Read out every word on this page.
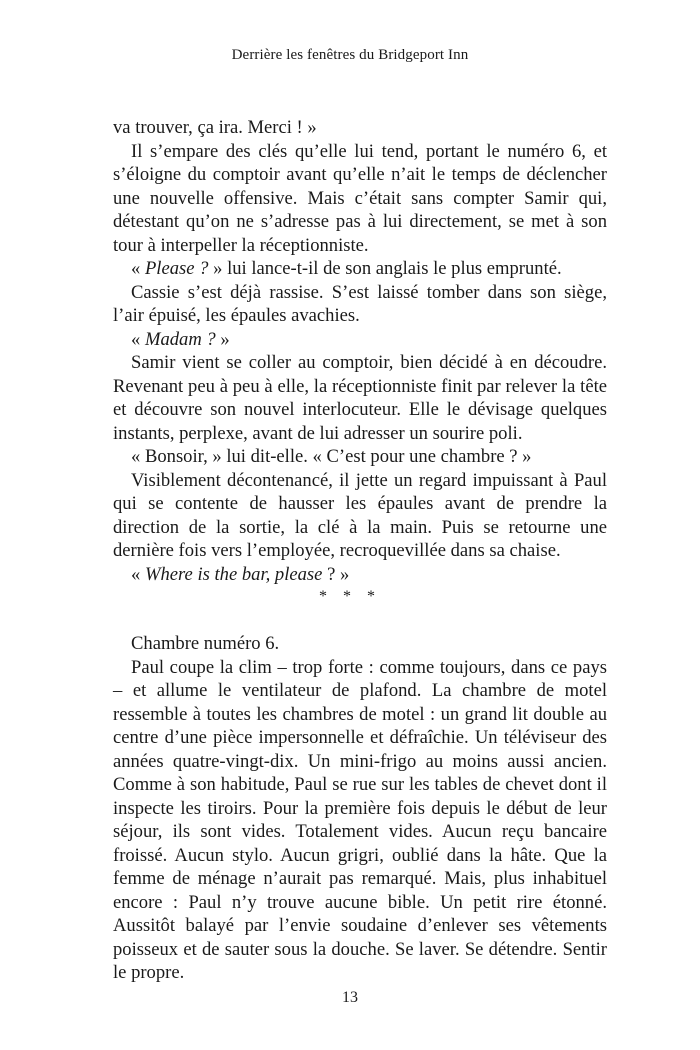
Derrière les fenêtres du Bridgeport Inn

va trouver, ça ira. Merci ! »

Il s’empare des clés qu’elle lui tend, portant le numéro 6, et s’éloigne du comptoir avant qu’elle n’ait le temps de déclencher une nouvelle offensive. Mais c’était sans compter Samir qui, détestant qu’on ne s’adresse pas à lui directement, se met à son tour à interpeller la réceptionniste.

« Please ? » lui lance-t-il de son anglais le plus emprunté.

Cassie s’est déjà rassise. S’est laissé tomber dans son siège, l’air épuisé, les épaules avachies.

« Madam ? »

Samir vient se coller au comptoir, bien décidé à en découdre. Revenant peu à peu à elle, la réceptionniste finit par relever la tête et découvre son nouvel interlocuteur. Elle le dévisage quelques instants, perplexe, avant de lui adresser un sourire poli.

« Bonsoir, » lui dit-elle. « C’est pour une chambre ? »

Visiblement décontenancé, il jette un regard impuissant à Paul qui se contente de hausser les épaules avant de prendre la direction de la sortie, la clé à la main. Puis se retourne une dernière fois vers l’employée, recroquevillée dans sa chaise.

« Where is the bar, please ? »

* * *

Chambre numéro 6.

Paul coupe la clim – trop forte : comme toujours, dans ce pays – et allume le ventilateur de plafond. La chambre de motel ressemble à toutes les chambres de motel : un grand lit double au centre d’une pièce impersonnelle et défraîchie. Un téléviseur des années quatre-vingt-dix. Un mini-frigo au moins aussi ancien. Comme à son habitude, Paul se rue sur les tables de chevet dont il inspecte les tiroirs. Pour la première fois depuis le début de leur séjour, ils sont vides. Totalement vides. Aucun reçu bancaire froissé. Aucun stylo. Aucun grigri, oublié dans la hâte. Que la femme de ménage n’aurait pas remarqué. Mais, plus inhabituel encore : Paul n’y trouve aucune bible. Un petit rire étonné. Aussitôt balayé par l’envie soudaine d’enlever ses vêtements poisseux et de sauter sous la douche. Se laver. Se détendre. Sentir le propre.

13
